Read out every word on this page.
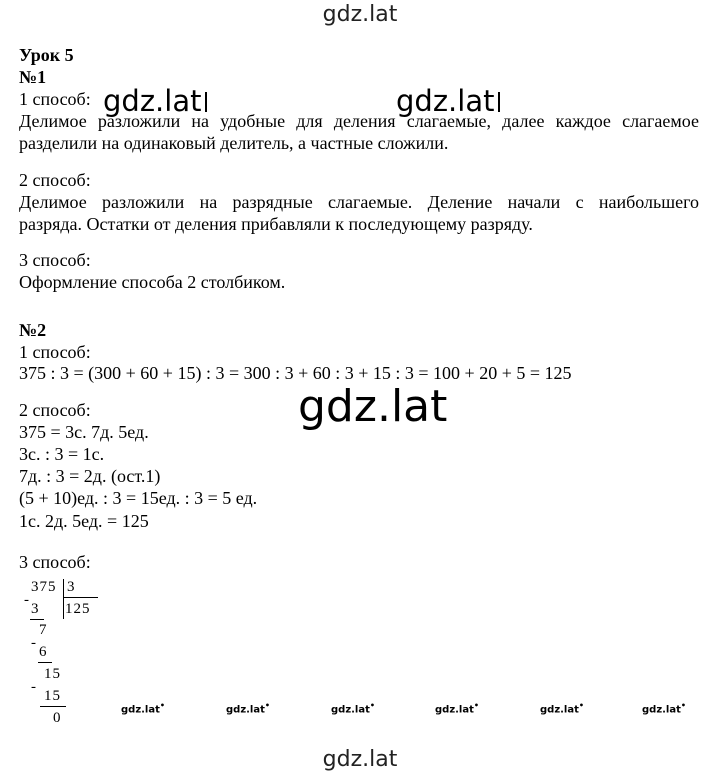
gdz.lat
gdz.lat	gdz.lat
gdz.lat
gdz.lat
gdz.lat•	gdz.lat•	gdz.lat•	gdz.lat•	gdz.lat•	gdz.lat•
Урок 5
№1
1 способ:
Делимое разложили на удобные для деления слагаемые, далее каждое слагаемое
разделили на одинаковый делитель, а частные сложили.
2 способ:
Делимое разложили на разрядные слагаемые. Деление начали с наибольшего
разряда. Остатки от деления прибавляли к последующему разряду.
3 способ:
Оформление способа 2 столбиком.
№2
1 способ:
375 : 3 = (300 + 60 + 15) : 3 = 300 : 3 + 60 : 3 + 15 : 3 = 100 + 20 + 5 = 125
2 способ:
375 = 3с. 7д. 5ед.
3с. : 3 = 1с.
7д. : 3 = 2д. (ост.1)
(5 + 10)ед. : 3 = 15ед. : 3 = 5 ед.
1с. 2д. 5ед. = 125
3 способ:
375 3
125
-
3
7
-
6
15
-
15
0
